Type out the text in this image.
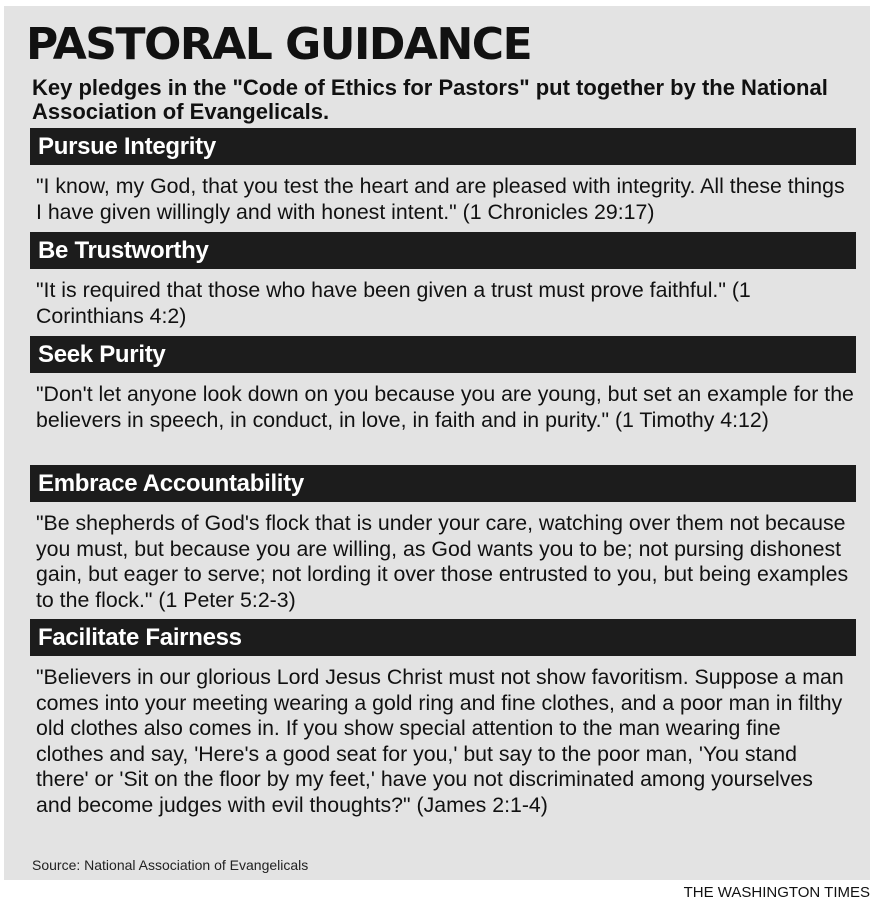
PASTORAL GUIDANCE

Key pledges in the "Code of Ethics for Pastors" put together by the National Association of Evangelicals.

Pursue Integrity

"I know, my God, that you test the heart and are pleased with integrity. All these things I have given willingly and with honest intent." (1 Chronicles 29:17)

Be Trustworthy

"It is required that those who have been given a trust must prove faithful." (1 Corinthians 4:2)

Seek Purity

"Don't let anyone look down on you because you are young, but set an example for the believers in speech, in conduct, in love, in faith and in purity." (1 Timothy 4:12)

Embrace Accountability

"Be shepherds of God's flock that is under your care, watching over them not because you must, but because you are willing, as God wants you to be; not pursing dishonest gain, but eager to serve; not lording it over those entrusted to you, but being examples to the flock." (1 Peter 5:2-3)

Facilitate Fairness

"Believers in our glorious Lord Jesus Christ must not show favoritism. Suppose a man comes into your meeting wearing a gold ring and fine clothes, and a poor man in filthy old clothes also comes in. If you show special attention to the man wearing fine clothes and say, 'Here's a good seat for you,' but say to the poor man, 'You stand there' or 'Sit on the floor by my feet,' have you not discriminated among yourselves and become judges with evil thoughts?" (James 2:1-4)

Source: National Association of Evangelicals
THE WASHINGTON TIMES
